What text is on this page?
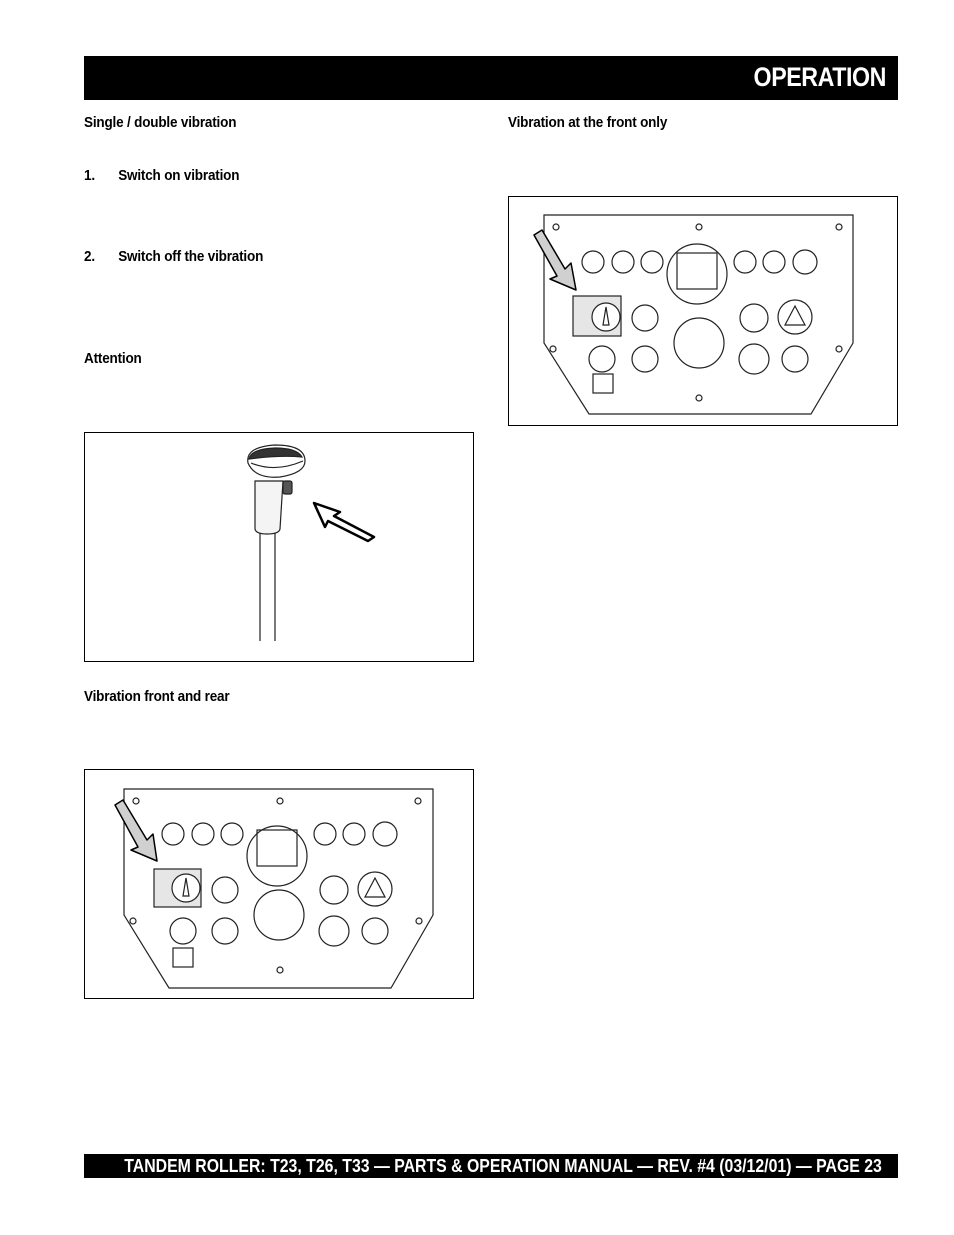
OPERATION
Single / double vibration
1. Switch on vibration
2. Switch off the vibration
Attention
Vibration at the front only
Vibration front and rear
TANDEM ROLLER: T23, T26, T33 — PARTS & OPERATION MANUAL — REV. #4 (03/12/01) — PAGE 23
